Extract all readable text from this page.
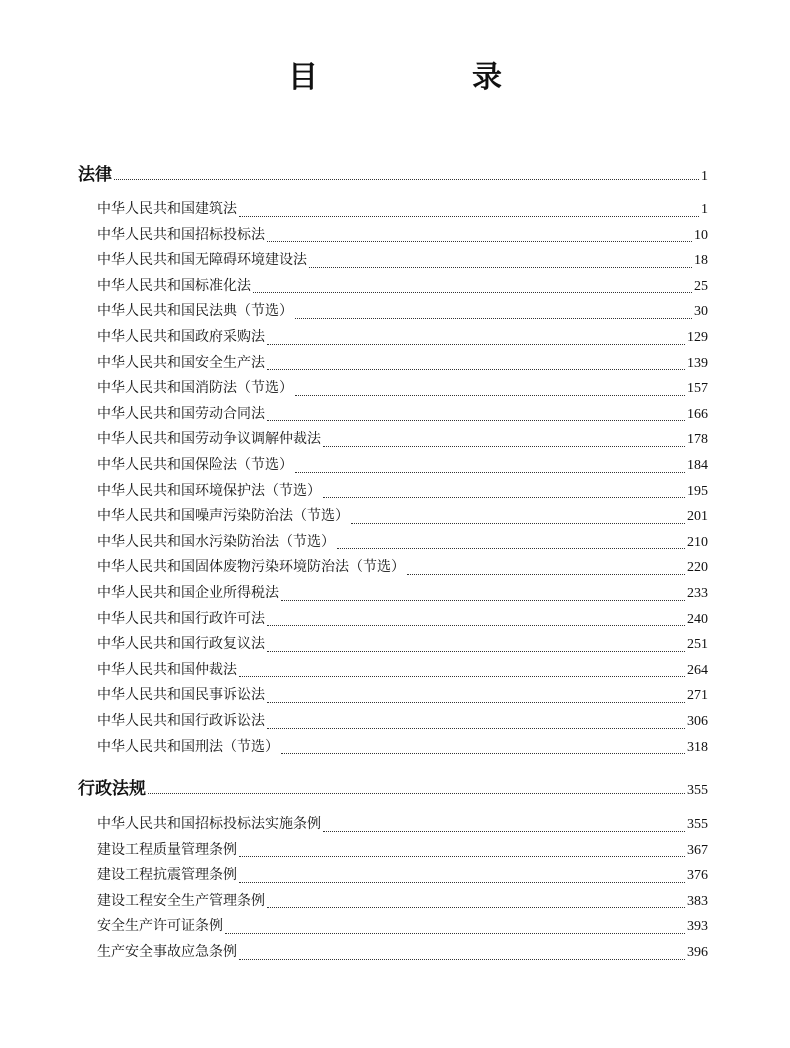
目　录
法律	1
中华人民共和国建筑法	1
中华人民共和国招标投标法	10
中华人民共和国无障碍环境建设法	18
中华人民共和国标准化法	25
中华人民共和国民法典（节选）	30
中华人民共和国政府采购法	129
中华人民共和国安全生产法	139
中华人民共和国消防法（节选）	157
中华人民共和国劳动合同法	166
中华人民共和国劳动争议调解仲裁法	178
中华人民共和国保险法（节选）	184
中华人民共和国环境保护法（节选）	195
中华人民共和国噪声污染防治法（节选）	201
中华人民共和国水污染防治法（节选）	210
中华人民共和国固体废物污染环境防治法（节选）	220
中华人民共和国企业所得税法	233
中华人民共和国行政许可法	240
中华人民共和国行政复议法	251
中华人民共和国仲裁法	264
中华人民共和国民事诉讼法	271
中华人民共和国行政诉讼法	306
中华人民共和国刑法（节选）	318
行政法规	355
中华人民共和国招标投标法实施条例	355
建设工程质量管理条例	367
建设工程抗震管理条例	376
建设工程安全生产管理条例	383
安全生产许可证条例	393
生产安全事故应急条例	396
